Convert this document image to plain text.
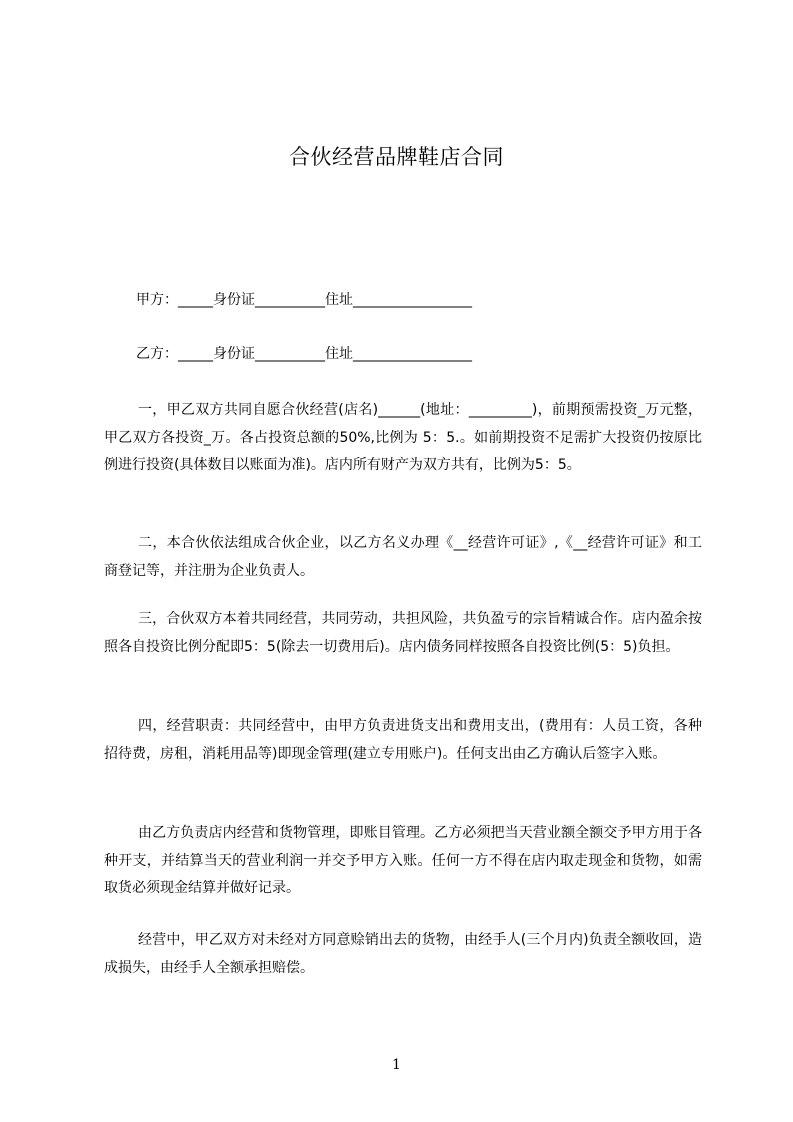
合伙经营品牌鞋店合同
甲方：_____身份证__________住址_________________
乙方：_____身份证__________住址_________________
一，甲乙双方共同自愿合伙经营(店名)______(地址：_________)，前期预需投资_万元整，甲乙双方各投资_万。各占投资总额的50%,比例为 5：5.。如前期投资不足需扩大投资仍按原比例进行投资(具体数目以账面为准)。店内所有财产为双方共有，比例为5：5。
二，本合伙依法组成合伙企业，以乙方名义办理《__经营许可证》,《__经营许可证》和工商登记等，并注册为企业负责人。
三，合伙双方本着共同经营，共同劳动，共担风险，共负盈亏的宗旨精诚合作。店内盈余按照各自投资比例分配即5：5(除去一切费用后)。店内债务同样按照各自投资比例(5：5)负担。
四，经营职责：共同经营中，由甲方负责进货支出和费用支出，(费用有：人员工资，各种招待费，房租，消耗用品等)即现金管理(建立专用账户)。任何支出由乙方确认后签字入账。
由乙方负责店内经营和货物管理，即账目管理。乙方必须把当天营业额全额交予甲方用于各种开支，并结算当天的营业利润一并交予甲方入账。任何一方不得在店内取走现金和货物，如需取货必须现金结算并做好记录。
经营中，甲乙双方对未经对方同意赊销出去的货物，由经手人(三个月内)负责全额收回，造成损失，由经手人全额承担赔偿。
1
